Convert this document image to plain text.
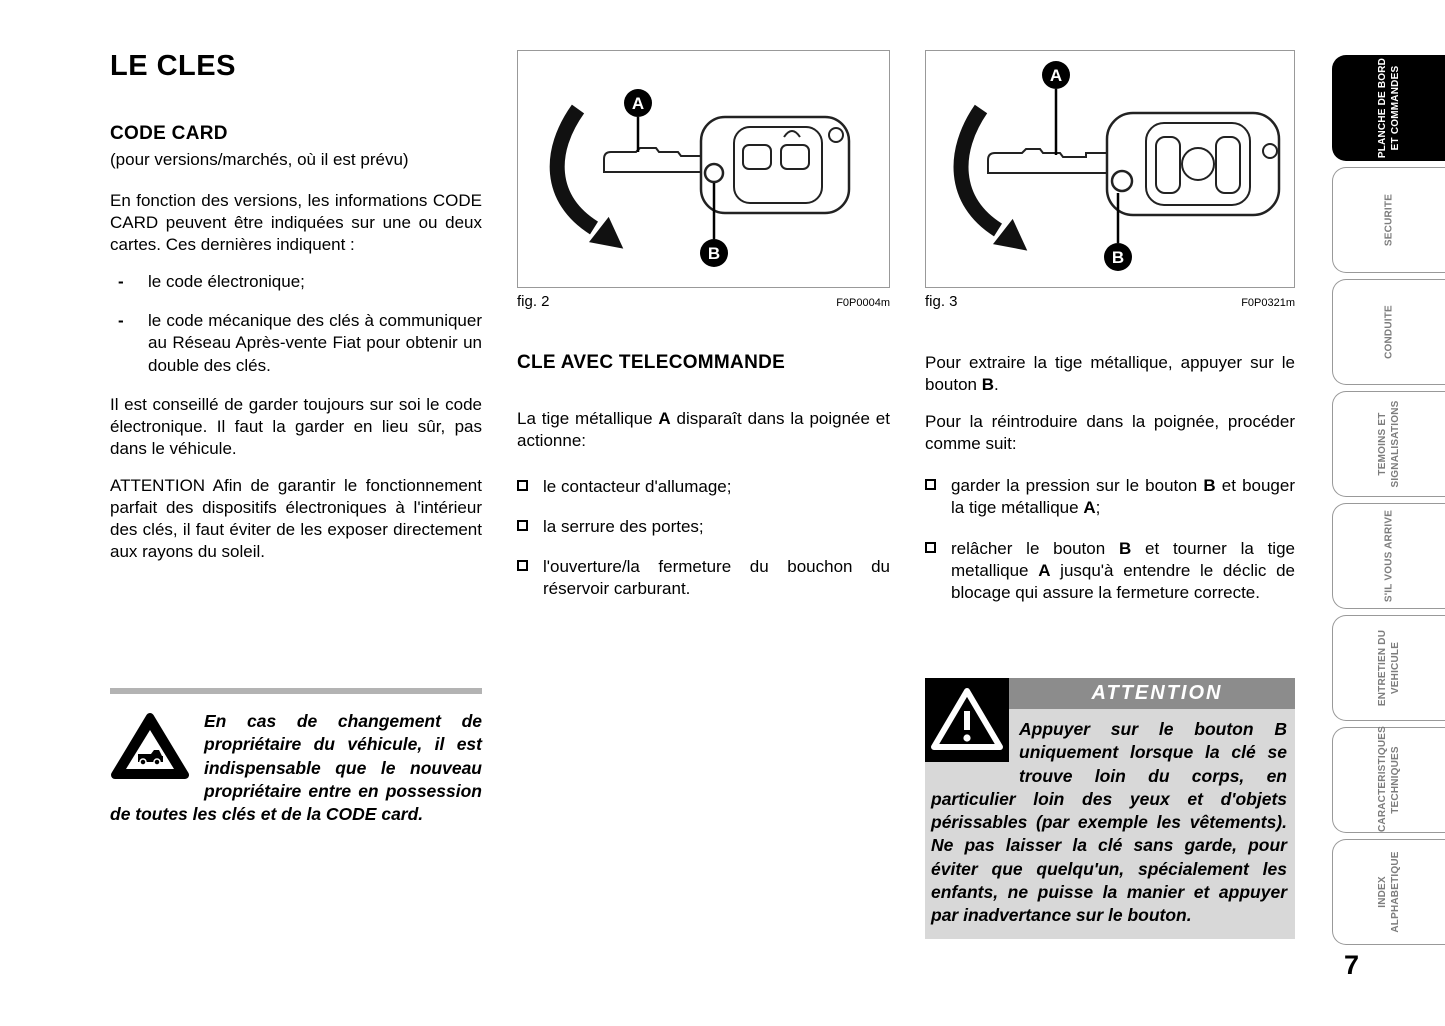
LE CLES
CODE CARD
(pour versions/marchés, où il est prévu)
En fonction des versions, les informations CODE CARD peuvent être indiquées sur une ou deux cartes. Ces dernières indiquent :
- le code électronique;
- le code mécanique des clés à communiquer au Réseau Après-vente Fiat pour obtenir un double des clés.
Il est conseillé de garder toujours sur soi le code électronique. Il faut la garder en lieu sûr, pas dans le véhicule.
ATTENTION Afin de garantir le fonctionnement parfait des dispositifs électroniques à l'intérieur des clés, il faut éviter de les exposer directement aux rayons du soleil.
En cas de changement de propriétaire du véhicule, il est indispensable que le nouveau propriétaire entre en possession de toutes les clés et de la CODE card.
A
B
fig. 2	F0P0004m
CLE AVEC TELECOMMANDE
La tige métallique A disparaît dans la poignée et actionne:
le contacteur d'allumage;
la serrure des portes;
l'ouverture/la fermeture du bouchon du réservoir carburant.
A
B
fig. 3	F0P0321m
Pour extraire la tige métallique, appuyer sur le bouton B.
Pour la réintroduire dans la poignée, procéder comme suit:
garder la pression sur le bouton B et bouger la tige métallique A;
relâcher le bouton B et tourner la tige metallique A jusqu'à entendre le déclic de blocage qui assure la fermeture correcte.
ATTENTION
Appuyer sur le bouton B uniquement lorsque la clé se trouve loin du corps, en particulier loin des yeux et d'objets périssables (par exemple les vêtements). Ne pas laisser la clé sans garde, pour éviter que quelqu'un, spécialement les enfants, ne puisse la manier et appuyer par inadvertance sur le bouton.
PLANCHE DE BORD ET COMMANDES
SECURITE
CONDUITE
TEMOINS ET SIGNALISATIONS
S'IL VOUS ARRIVE
ENTRETIEN DU VEHICULE
CARACTERISTIQUES TECHNIQUES
INDEX ALPHABETIQUE
7
